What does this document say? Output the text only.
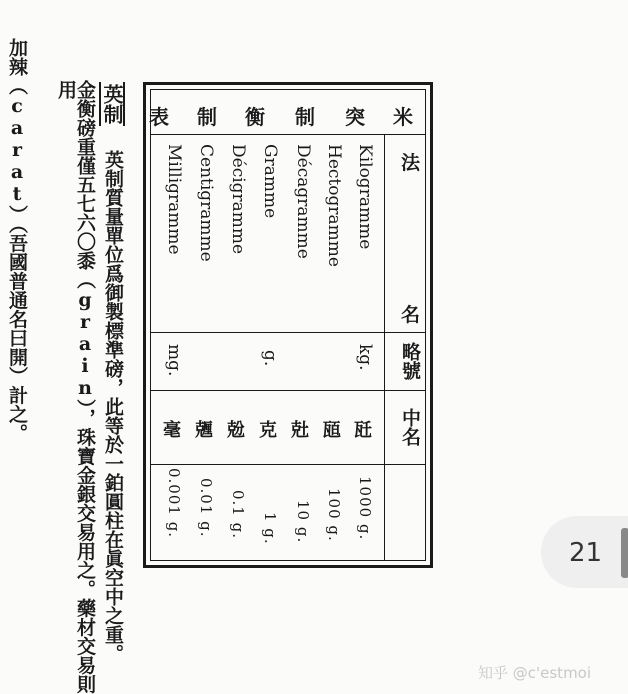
加辣（carat）（吾國普通名曰開）計之。	金衡磅重僅五七六〇黍（grain），珠寶金銀交易用之。藥材交易則用	英制
英制質量單位爲御製標準磅，此等於一鉑圓柱在眞空中之重。
米
突
制
衡
制
表
法
名
略號
中名
Kilogramme
Hectogramme
Décagramme
Gramme
Décigramme
Centigramme
Milligramme
kg.
g.
mg.
瓩
瓸
兙
克
兝
兣
毫
1000 g.
100 g.
10 g.
1 g.
0.1 g.
0.01 g.
0.001 g.
21
知乎 @c'estmoi
